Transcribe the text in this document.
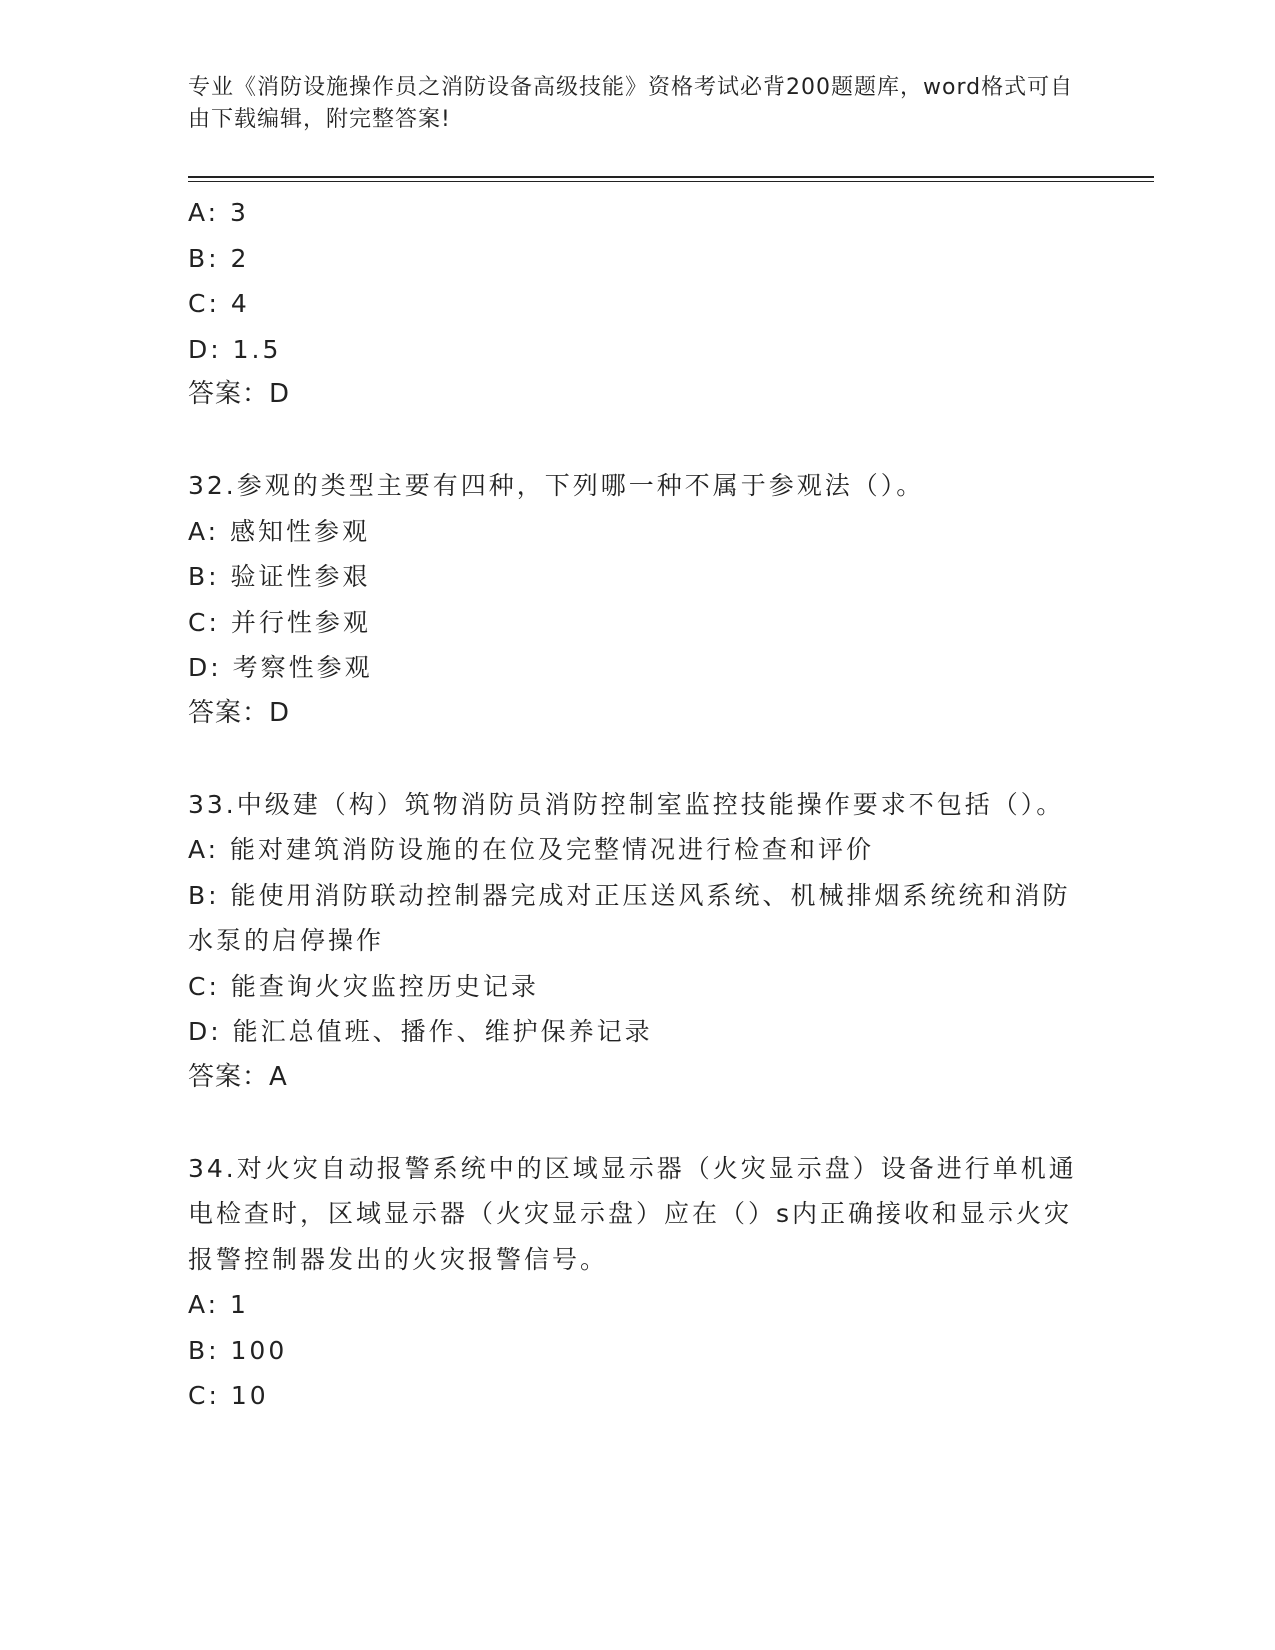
专业《消防设施操作员之消防设备高级技能》资格考试必背200题题库，word格式可自由下载编辑，附完整答案!
A: 3
B: 2
C: 4
D: 1.5
答案：D
32.参观的类型主要有四种，下列哪一种不属于参观法（）。
A: 感知性参观
B: 验证性参艰
C: 并行性参观
D: 考察性参观
答案：D
33.中级建（构）筑物消防员消防控制室监控技能操作要求不包括（）。
A: 能对建筑消防设施的在位及完整情况进行检查和评价
B: 能使用消防联动控制器完成对正压送风系统、机械排烟系统统和消防水泵的启停操作
C: 能查询火灾监控历史记录
D: 能汇总值班、播作、维护保养记录
答案：A
34.对火灾自动报警系统中的区域显示器（火灾显示盘）设备进行单机通电检查时，区域显示器（火灾显示盘）应在（）s内正确接收和显示火灾报警控制器发出的火灾报警信号。
A: 1
B: 100
C: 10
